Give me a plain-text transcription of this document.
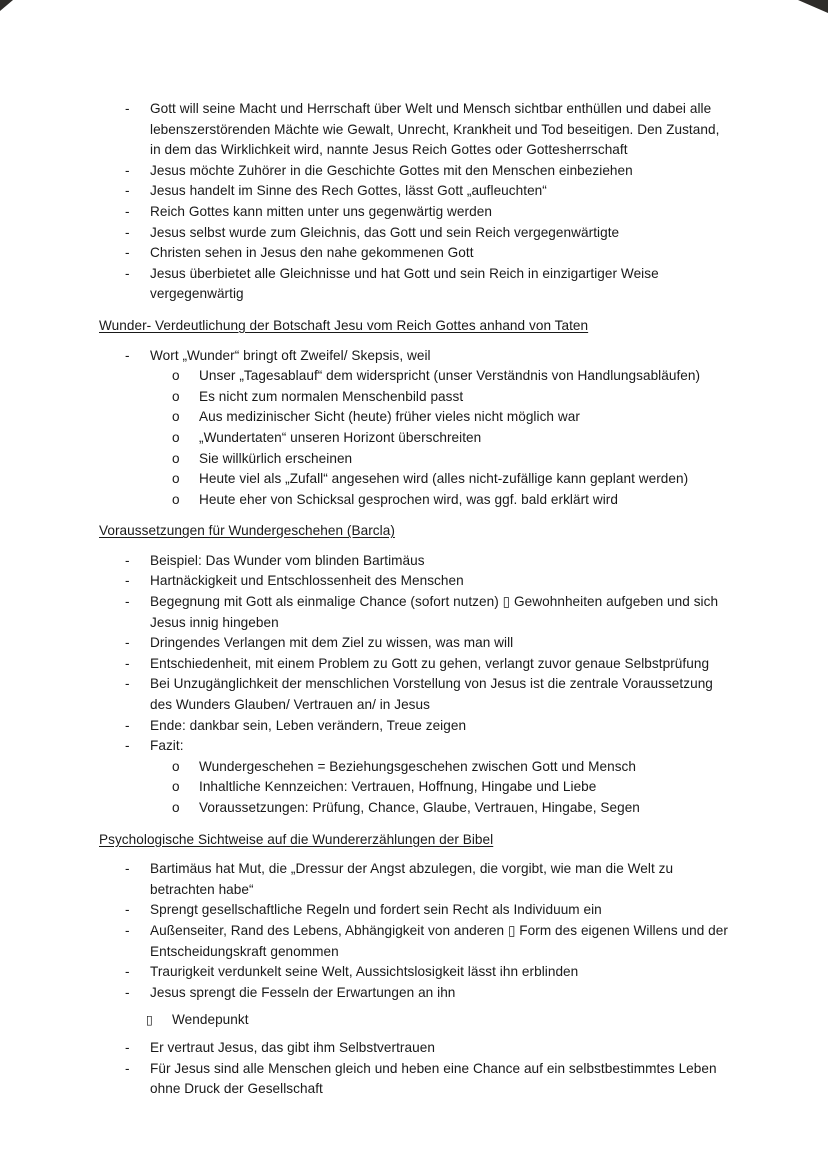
-	Gott will seine Macht und Herrschaft über Welt und Mensch sichtbar enthüllen und dabei alle lebenszerstörenden Mächte wie Gewalt, Unrecht, Krankheit und Tod beseitigen. Den Zustand, in dem das Wirklichkeit wird, nannte Jesus Reich Gottes oder Gottesherrschaft
-	Jesus möchte Zuhörer in die Geschichte Gottes mit den Menschen einbeziehen
-	Jesus handelt im Sinne des Rech Gottes, lässt Gott „aufleuchten“
-	Reich Gottes kann mitten unter uns gegenwärtig werden
-	Jesus selbst wurde zum Gleichnis, das Gott und sein Reich vergegenwärtigte
-	Christen sehen in Jesus den nahe gekommenen Gott
-	Jesus überbietet alle Gleichnisse und hat Gott und sein Reich in einzigartiger Weise vergegenwärtig
Wunder- Verdeutlichung der Botschaft Jesu vom Reich Gottes anhand von Taten
-	Wort „Wunder“ bringt oft Zweifel/ Skepsis, weil
o	Unser „Tagesablauf“ dem widerspricht (unser Verständnis von Handlungsabläufen)
o	Es nicht zum normalen Menschenbild passt
o	Aus medizinischer Sicht (heute) früher vieles nicht möglich war
o	„Wundertaten“ unseren Horizont überschreiten
o	Sie willkürlich erscheinen
o	Heute viel als „Zufall“ angesehen wird (alles nicht-zufällige kann geplant werden)
o	Heute eher von Schicksal gesprochen wird, was ggf. bald erklärt wird
Voraussetzungen für Wundergeschehen (Barcla)
-	Beispiel: Das Wunder vom blinden Bartimäus
-	Hartnäckigkeit und Entschlossenheit des Menschen
-	Begegnung mit Gott als einmalige Chance (sofort nutzen) ▯ Gewohnheiten aufgeben und sich Jesus innig hingeben
-	Dringendes Verlangen mit dem Ziel zu wissen, was man will
-	Entschiedenheit, mit einem Problem zu Gott zu gehen, verlangt zuvor genaue Selbstprüfung
-	Bei Unzugänglichkeit der menschlichen Vorstellung von Jesus ist die zentrale Voraussetzung des Wunders Glauben/ Vertrauen an/ in Jesus
-	Ende: dankbar sein, Leben verändern, Treue zeigen
-	Fazit:
o	Wundergeschehen = Beziehungsgeschehen zwischen Gott und Mensch
o	Inhaltliche Kennzeichen: Vertrauen, Hoffnung, Hingabe und Liebe
o	Voraussetzungen: Prüfung, Chance, Glaube, Vertrauen, Hingabe, Segen
Psychologische Sichtweise auf die Wundererzählungen der Bibel
-	Bartimäus hat Mut, die „Dressur der Angst abzulegen, die vorgibt, wie man die Welt zu betrachten habe“
-	Sprengt gesellschaftliche Regeln und fordert sein Recht als Individuum ein
-	Außenseiter, Rand des Lebens, Abhängigkeit von anderen ▯ Form des eigenen Willens und der Entscheidungskraft genommen
-	Traurigkeit verdunkelt seine Welt, Aussichtslosigkeit lässt ihn erblinden
-	Jesus sprengt die Fesseln der Erwartungen an ihn
▯	Wendepunkt
-	Er vertraut Jesus, das gibt ihm Selbstvertrauen
-	Für Jesus sind alle Menschen gleich und heben eine Chance auf ein selbstbestimmtes Leben ohne Druck der Gesellschaft
